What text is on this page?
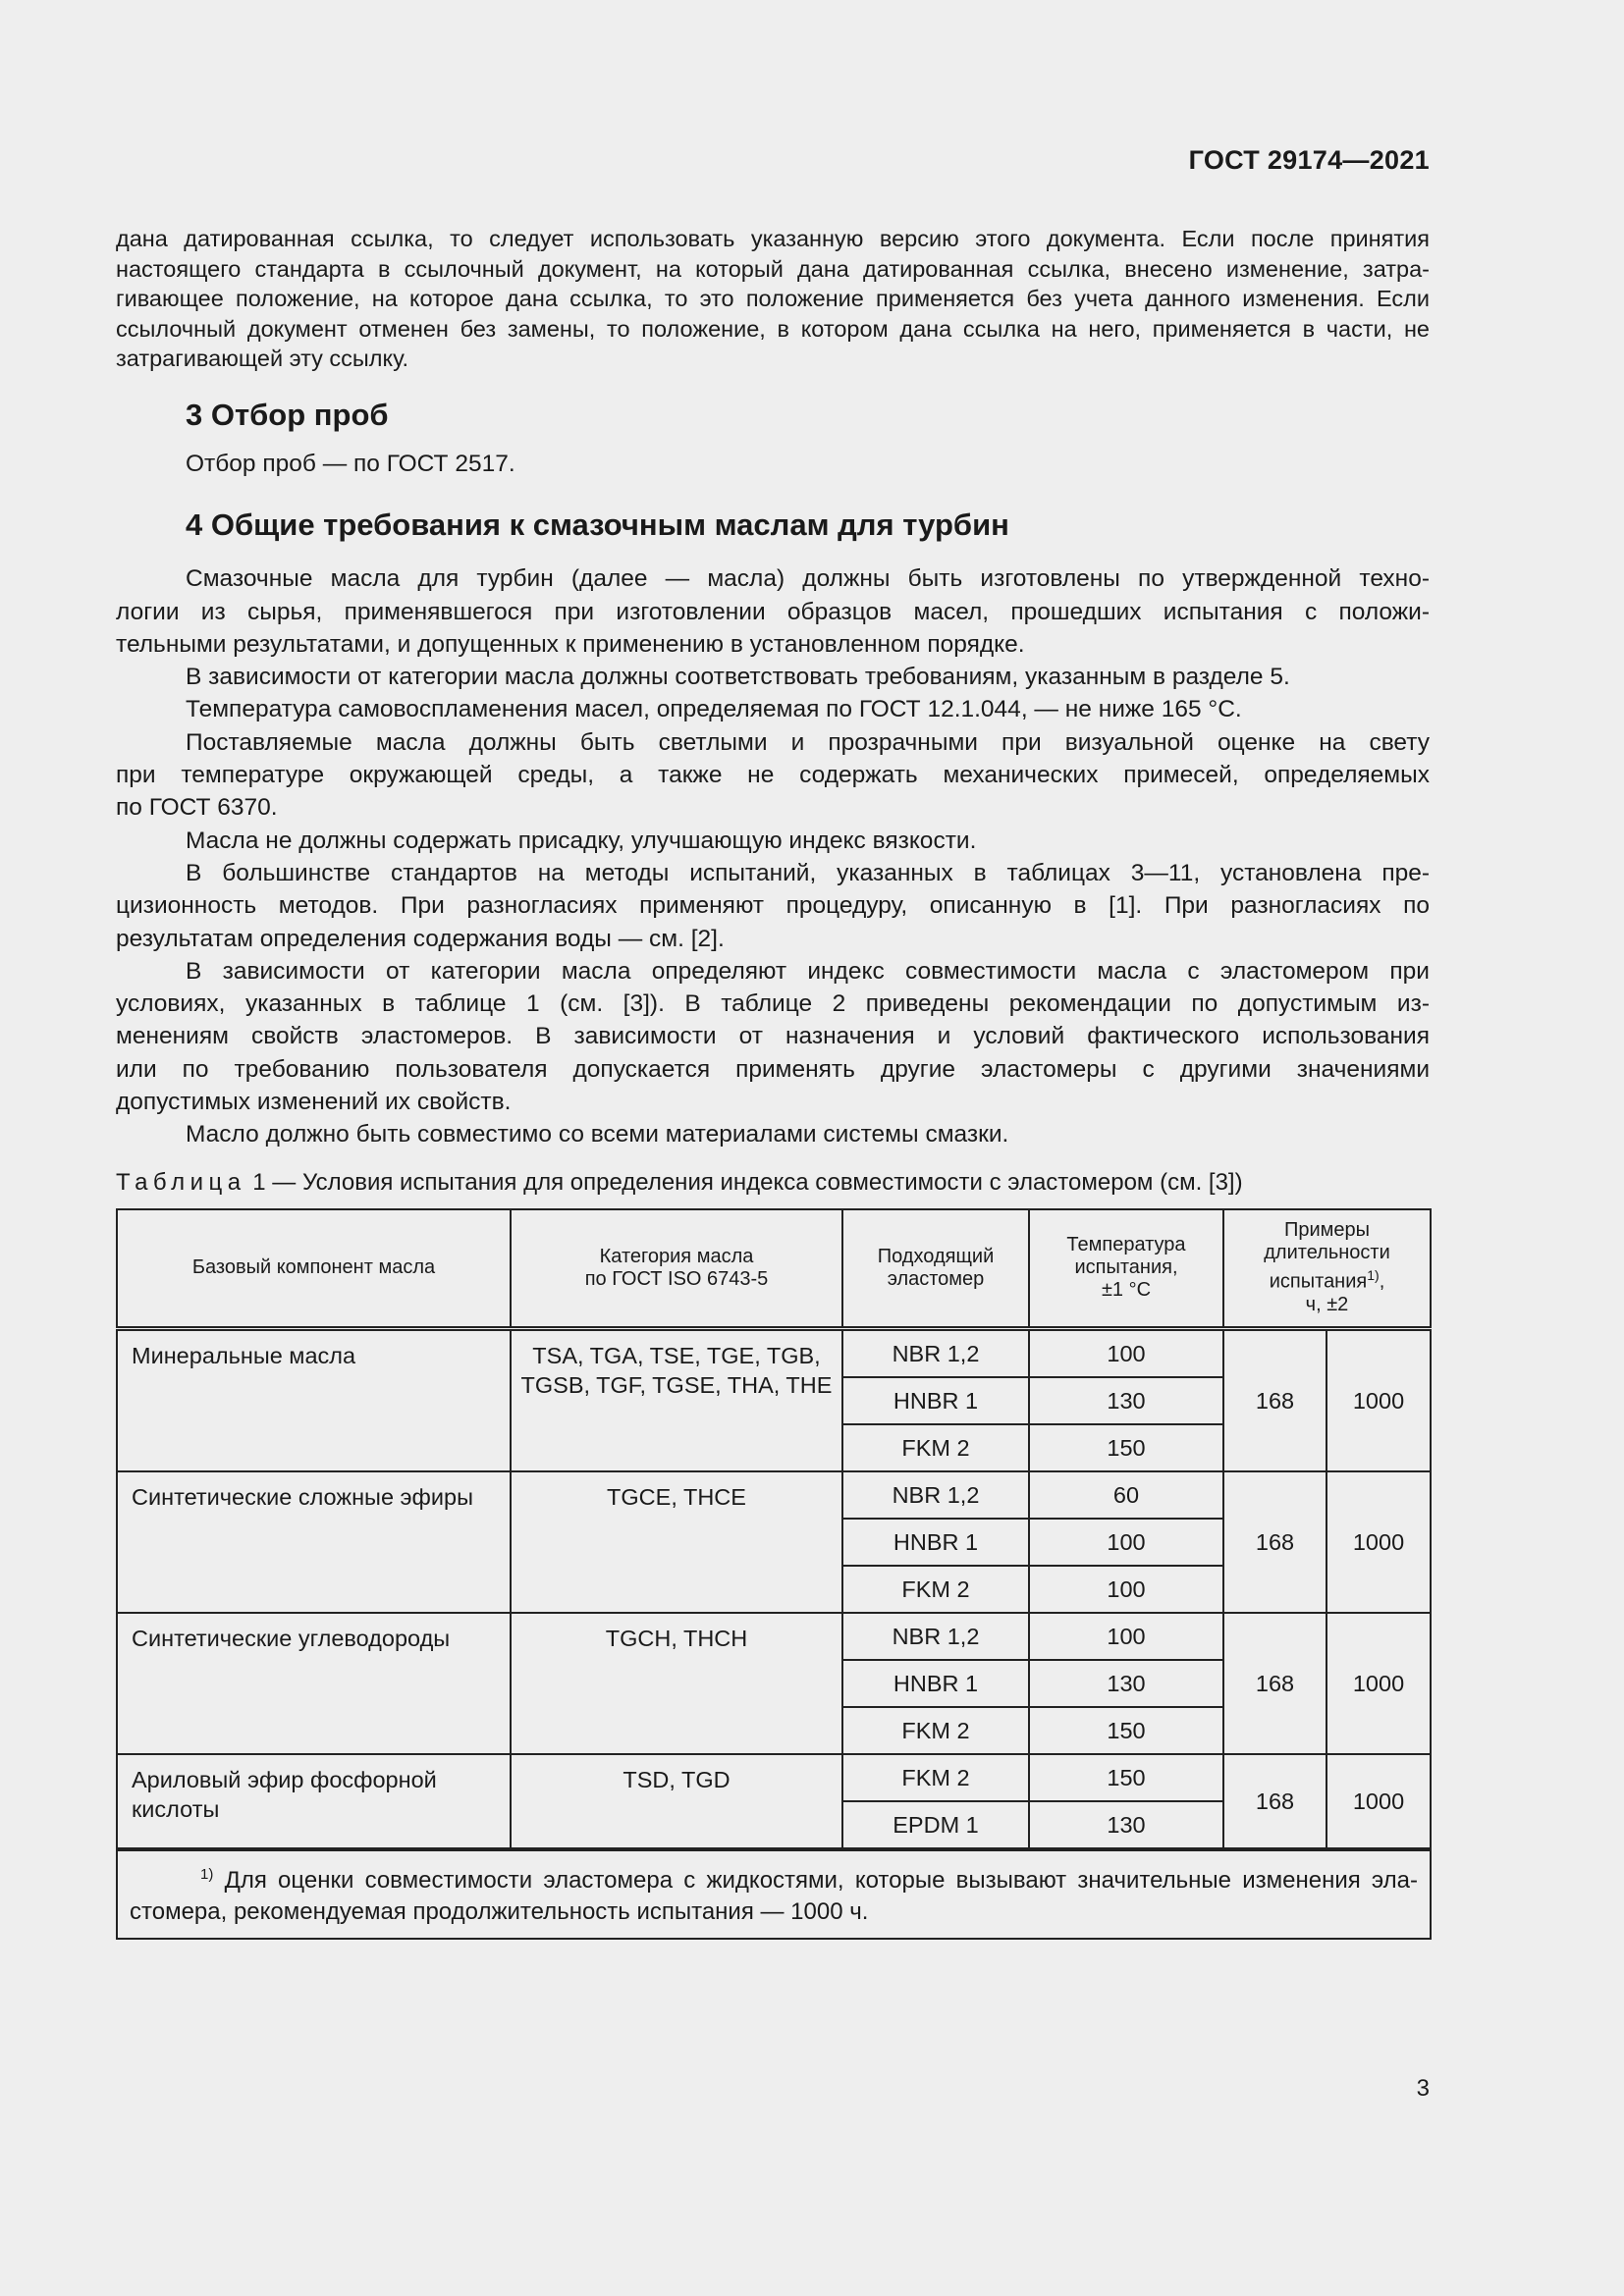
ГОСТ 29174—2021
дана датированная ссылка, то следует использовать указанную версию этого документа. Если после принятия
настоящего стандарта в ссылочный документ, на который дана датированная ссылка, внесено изменение, затра-
гивающее положение, на которое дана ссылка, то это положение применяется без учета данного изменения. Если
ссылочный документ отменен без замены, то положение, в котором дана ссылка на него, применяется в части, не
затрагивающей эту ссылку.
3 Отбор проб
Отбор проб — по ГОСТ 2517.
4 Общие требования к смазочным маслам для турбин
Смазочные масла для турбин (далее — масла) должны быть изготовлены по утвержденной техно-
логии из сырья, применявшегося при изготовлении образцов масел, прошедших испытания с положи-
тельными результатами, и допущенных к применению в установленном порядке.

В зависимости от категории масла должны соответствовать требованиям, указанным в разделе 5.

Температура самовоспламенения масел, определяемая по ГОСТ 12.1.044, — не ниже 165 °С.

Поставляемые масла должны быть светлыми и прозрачными при визуальной оценке на свету
при температуре окружающей среды, а также не содержать механических примесей, определяемых
по ГОСТ 6370.

Масла не должны содержать присадку, улучшающую индекс вязкости.

В большинстве стандартов на методы испытаний, указанных в таблицах 3—11, установлена пре-
цизионность методов. При разногласиях применяют процедуру, описанную в [1]. При разногласиях по
результатам определения содержания воды — см. [2].
В зависимости от категории масла определяют индекс совместимости масла с эластомером при
условиях, указанных в таблице 1 (см. [3]). В таблице 2 приведены рекомендации по допустимым из-
менениям свойств эластомеров. В зависимости от назначения и условий фактического использования
или по требованию пользователя допускается применять другие эластомеры с другими значениями
допустимых изменений их свойств.

Масло должно быть совместимо со всеми материалами системы смазки.

Таблица 1 — Условия испытания для определения индекса совместимости с эластомером (см. [3])
Базовый компонент масла	Категория масла
по ГОСТ ISO 6743-5	Подходящий
эластомер	Температура
испытания,
±1 °С	Примеры
длительности
испытания$^{1)}$,
ч, ±2	
Минеральные масла	TSA, TGA, TSE, TGE, TGB, TGSB, TGF, TGSE, THA, THE	NBR 1,2	100	168	1000
		HNBR 1	130		
		FKM 2	150		
Синтетические сложные эфиры	TGCE, THCE	NBR 1,2	60	168	1000
		HNBR 1	100		
		FKM 2	100		
Синтетические углеводороды	TGCH, THCH	NBR 1,2	100	168	1000
		HNBR 1	130		
		FKM 2	150		
Ариловый эфир фосфорной кислоты	TSD, TGD	FKM 2	150	168	1000
		EPDM 1	130		

$^{1)}$ Для оценки совместимости эластомера с жидкостями, которые вызывают значительные изменения эла-
стомера, рекомендуемая продолжительность испытания — 1000 ч.					
3
